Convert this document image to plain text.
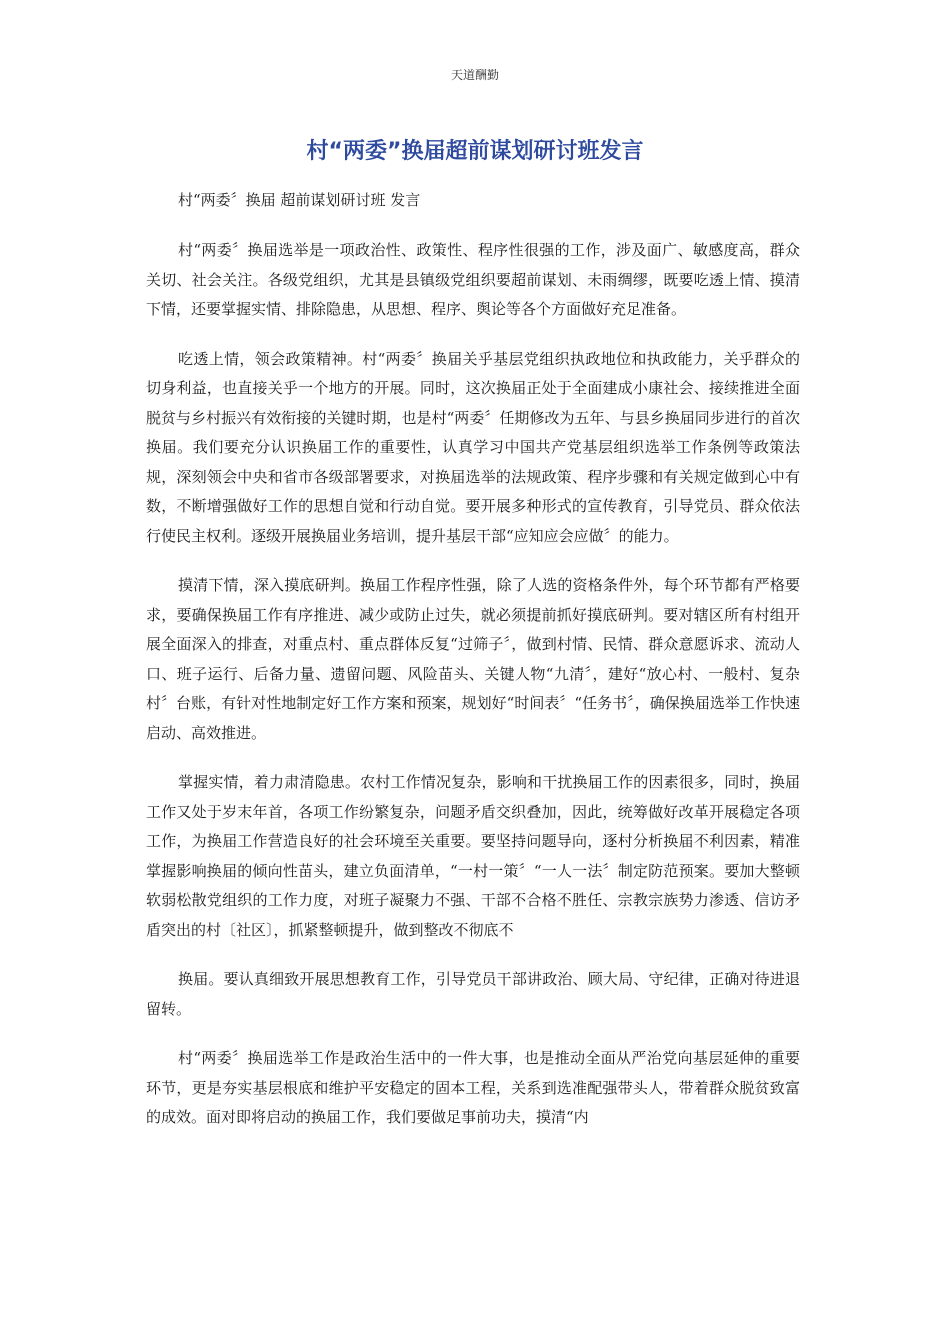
天道酬勤
村“两委”换届超前谋划研讨班发言

村“两委〞换届 超前谋划研讨班 发言

村“两委〞换届选举是一项政治性、政策性、程序性很强的工作，涉及面广、敏感度高，群众关切、社会关注。各级党组织，尤其是县镇级党组织要超前谋划、未雨绸缪，既要吃透上情、摸清下情，还要掌握实情、排除隐患，从思想、程序、舆论等各个方面做好充足准备。

吃透上情，领会政策精神。村“两委〞换届关乎基层党组织执政地位和执政能力，关乎群众的切身利益，也直接关乎一个地方的开展。同时，这次换届正处于全面建成小康社会、接续推进全面脱贫与乡村振兴有效衔接的关键时期，也是村“两委〞任期修改为五年、与县乡换届同步进行的首次换届。我们要充分认识换届工作的重要性，认真学习中国共产党基层组织选举工作条例等政策法规，深刻领会中央和省市各级部署要求，对换届选举的法规政策、程序步骤和有关规定做到心中有数，不断增强做好工作的思想自觉和行动自觉。要开展多种形式的宣传教育，引导党员、群众依法行使民主权利。逐级开展换届业务培训，提升基层干部“应知应会应做〞的能力。

摸清下情，深入摸底研判。换届工作程序性强，除了人选的资格条件外，每个环节都有严格要求，要确保换届工作有序推进、减少或防止过失，就必须提前抓好摸底研判。要对辖区所有村组开展全面深入的排查，对重点村、重点群体反复“过筛子〞，做到村情、民情、群众意愿诉求、流动人口、班子运行、后备力量、遗留问题、风险苗头、关键人物“九清〞，建好“放心村、一般村、复杂村〞台账，有针对性地制定好工作方案和预案，规划好“时间表〞“任务书〞，确保换届选举工作快速启动、高效推进。

掌握实情，着力肃清隐患。农村工作情况复杂，影响和干扰换届工作的因素很多，同时，换届工作又处于岁末年首，各项工作纷繁复杂，问题矛盾交织叠加，因此，统筹做好改革开展稳定各项工作，为换届工作营造良好的社会环境至关重要。要坚持问题导向，逐村分析换届不利因素，精准掌握影响换届的倾向性苗头，建立负面清单，“一村一策〞“一人一法〞制定防范预案。要加大整顿软弱松散党组织的工作力度，对班子凝聚力不强、干部不合格不胜任、宗教宗族势力渗透、信访矛盾突出的村〔社区〕，抓紧整顿提升，做到整改不彻底不

换届。要认真细致开展思想教育工作，引导党员干部讲政治、顾大局、守纪律，正确对待进退留转。

村“两委〞换届选举工作是政治生活中的一件大事，也是推动全面从严治党向基层延伸的重要环节，更是夯实基层根底和维护平安稳定的固本工程，关系到选准配强带头人，带着群众脱贫致富的成效。面对即将启动的换届工作，我们要做足事前功夫，摸清“内
